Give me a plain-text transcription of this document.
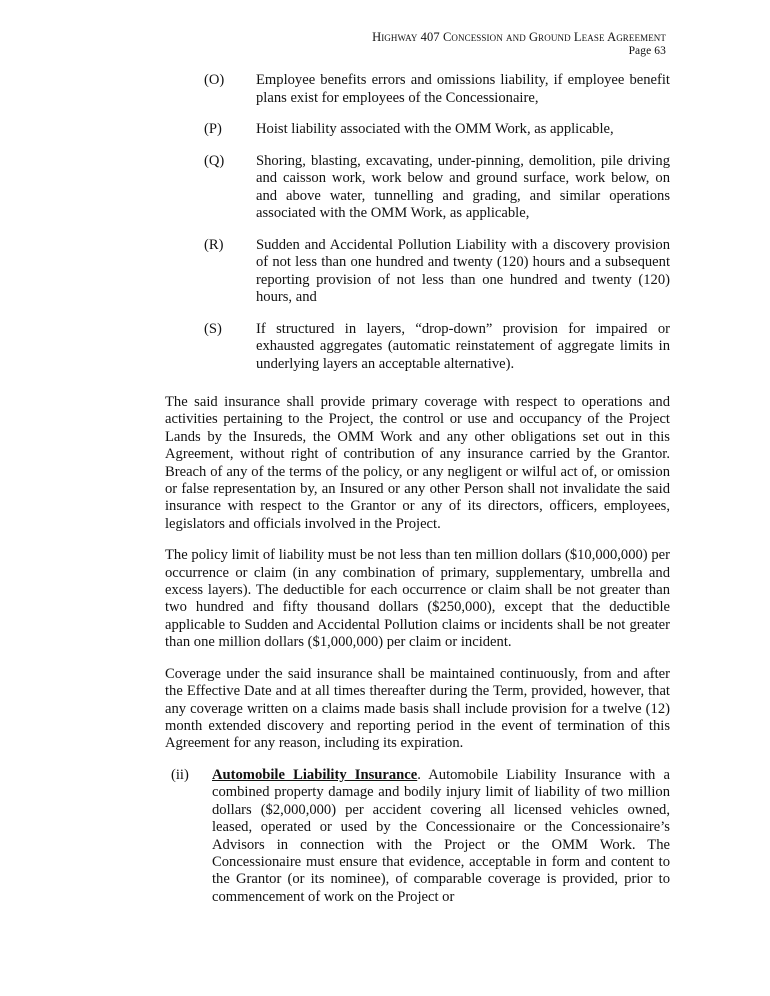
Highway 407 Concession and Ground Lease Agreement
Page 63
(O) Employee benefits errors and omissions liability, if employee benefit plans exist for employees of the Concessionaire,
(P) Hoist liability associated with the OMM Work, as applicable,
(Q) Shoring, blasting, excavating, under-pinning, demolition, pile driving and caisson work, work below and ground surface, work below, on and above water, tunnelling and grading, and similar operations associated with the OMM Work, as applicable,
(R) Sudden and Accidental Pollution Liability with a discovery provision of not less than one hundred and twenty (120) hours and a subsequent reporting provision of not less than one hundred and twenty (120) hours, and
(S) If structured in layers, “drop-down” provision for impaired or exhausted aggregates (automatic reinstatement of aggregate limits in underlying layers an acceptable alternative).

The said insurance shall provide primary coverage with respect to operations and activities pertaining to the Project, the control or use and occupancy of the Project Lands by the Insureds, the OMM Work and any other obligations set out in this Agreement, without right of contribution of any insurance carried by the Grantor. Breach of any of the terms of the policy, or any negligent or wilful act of, or omission or false representation by, an Insured or any other Person shall not invalidate the said insurance with respect to the Grantor or any of its directors, officers, employees, legislators and officials involved in the Project.

The policy limit of liability must be not less than ten million dollars ($10,000,000) per occurrence or claim (in any combination of primary, supplementary, umbrella and excess layers). The deductible for each occurrence or claim shall be not greater than two hundred and fifty thousand dollars ($250,000), except that the deductible applicable to Sudden and Accidental Pollution claims or incidents shall be not greater than one million dollars ($1,000,000) per claim or incident.

Coverage under the said insurance shall be maintained continuously, from and after the Effective Date and at all times thereafter during the Term, provided, however, that any coverage written on a claims made basis shall include provision for a twelve (12) month extended discovery and reporting period in the event of termination of this Agreement for any reason, including its expiration.

(ii)	Automobile Liability Insurance. Automobile Liability Insurance with a combined property damage and bodily injury limit of liability of two million dollars ($2,000,000) per accident covering all licensed vehicles owned, leased, operated or used by the Concessionaire or the Concessionaire’s Advisors in connection with the Project or the OMM Work. The Concessionaire must ensure that evidence, acceptable in form and content to the Grantor (or its nominee), of comparable coverage is provided, prior to commencement of work on the Project or
